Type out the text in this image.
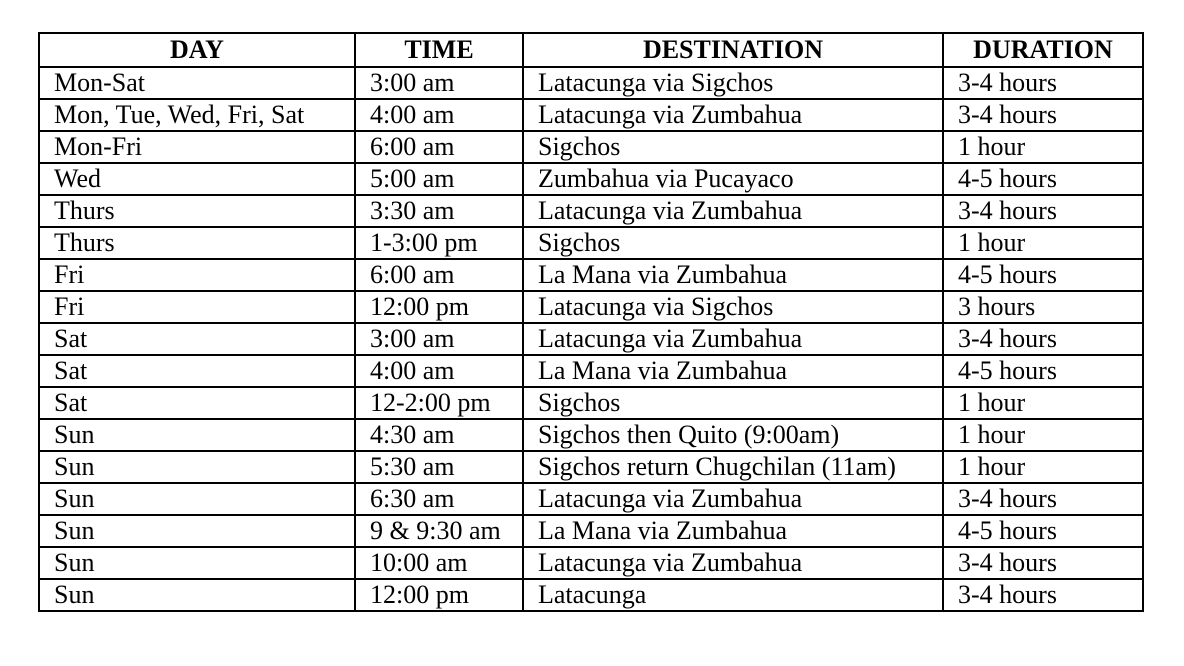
DAY	TIME	DESTINATION	DURATION
Mon-Sat	3:00 am	Latacunga via Sigchos	3-4 hours
Mon, Tue, Wed, Fri, Sat	4:00 am	Latacunga via Zumbahua	3-4 hours
Mon-Fri	6:00 am	Sigchos	1 hour
Wed	5:00 am	Zumbahua via Pucayaco	4-5 hours
Thurs	3:30 am	Latacunga via Zumbahua	3-4 hours
Thurs	1-3:00 pm	Sigchos	1 hour
Fri	6:00 am	La Mana via Zumbahua	4-5 hours
Fri	12:00 pm	Latacunga via Sigchos	3 hours
Sat	3:00 am	Latacunga via Zumbahua	3-4 hours
Sat	4:00 am	La Mana via Zumbahua	4-5 hours
Sat	12-2:00 pm	Sigchos	1 hour
Sun	4:30 am	Sigchos then Quito (9:00am)	1 hour
Sun	5:30 am	Sigchos return Chugchilan (11am)	1 hour
Sun	6:30 am	Latacunga via Zumbahua	3-4 hours
Sun	9 & 9:30 am	La Mana via Zumbahua	4-5 hours
Sun	10:00 am	Latacunga via Zumbahua	3-4 hours
Sun	12:00 pm	Latacunga	3-4 hours
